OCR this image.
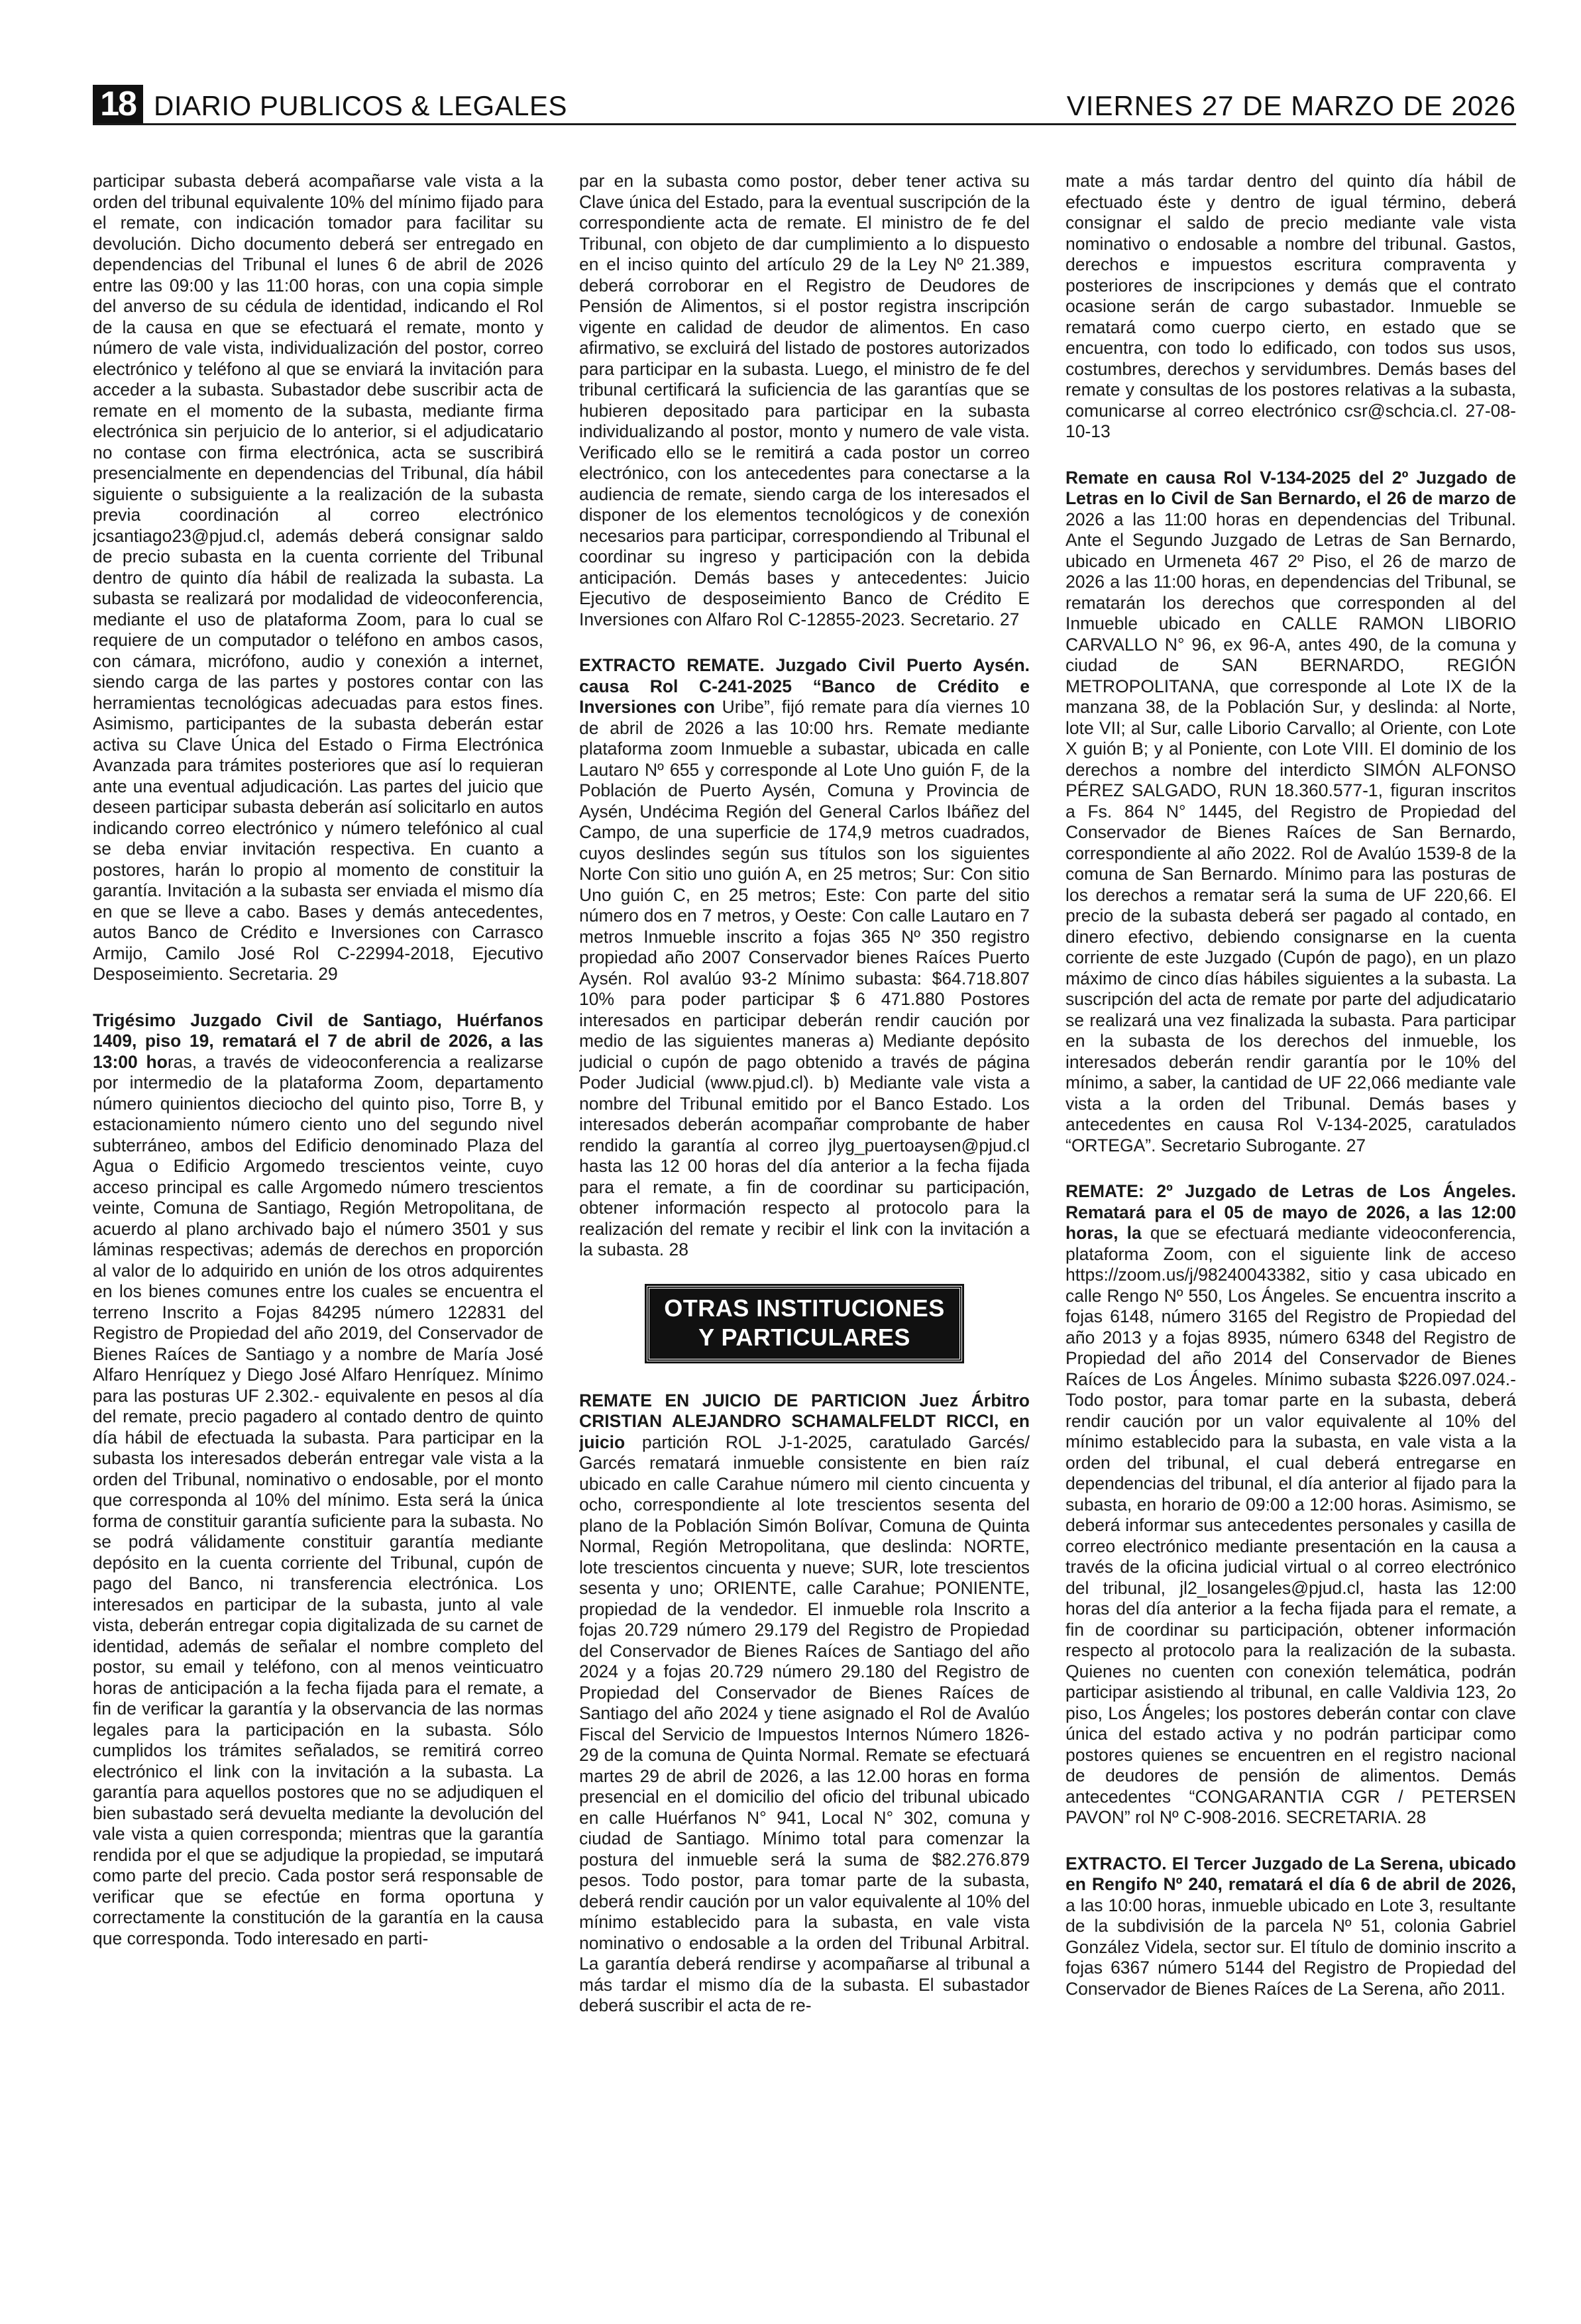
18 DIARIO PUBLICOS & LEGALES	VIERNES 27 DE MARZO DE 2026

participar subasta deberá acompañarse vale vista a la orden del tribunal equivalente 10% del mínimo fijado para el remate, con indicación tomador para facilitar su devolución. Dicho documento deberá ser entregado en dependencias del Tribunal el lunes 6 de abril de 2026 entre las 09:00 y las 11:00 horas, con una copia simple del anverso de su cédula de identidad, indicando el Rol de la causa en que se efectuará el remate, monto y número de vale vista, individualización del postor, correo electrónico y teléfono al que se enviará la invitación para acceder a la subasta. Subastador debe suscribir acta de remate en el momento de la subasta, mediante firma electrónica sin perjuicio de lo anterior, si el adjudicatario no contase con firma electrónica, acta se suscribirá presencialmente en dependencias del Tribunal, día hábil siguiente o subsiguiente a la realización de la subasta previa coordinación al correo electrónico jcsantiago23@pjud.cl, además deberá consignar saldo de precio subasta en la cuenta corriente del Tribunal dentro de quinto día hábil de realizada la subasta. La subasta se realizará por modalidad de videoconferencia, mediante el uso de plataforma Zoom, para lo cual se requiere de un computador o teléfono en ambos casos, con cámara, micrófono, audio y conexión a internet, siendo carga de las partes y postores contar con las herramientas tecnológicas adecuadas para estos fines. Asimismo, participantes de la subasta deberán estar activa su Clave Única del Estado o Firma Electrónica Avanzada para trámites posteriores que así lo requieran ante una eventual adjudicación. Las partes del juicio que deseen participar subasta deberán así solicitarlo en autos indicando correo electrónico y número telefónico al cual se deba enviar invitación respectiva. En cuanto a postores, harán lo propio al momento de constituir la garantía. Invitación a la subasta ser enviada el mismo día en que se lleve a cabo. Bases y demás antecedentes, autos Banco de Crédito e Inversiones con Carrasco Armijo, Camilo José Rol C-22994-2018, Ejecutivo Desposeimiento. Secretaria. 29

Trigésimo Juzgado Civil de Santiago, Huérfanos 1409, piso 19, rematará el 7 de abril de 2026, a las 13:00 horas, a través de videoconferencia a realizarse por intermedio de la plataforma Zoom, departamento número quinientos dieciocho del quinto piso, Torre B, y estacionamiento número ciento uno del segundo nivel subterráneo, ambos del Edificio denominado Plaza del Agua o Edificio Argomedo trescientos veinte, cuyo acceso principal es calle Argomedo número trescientos veinte, Comuna de Santiago, Región Metropolitana, de acuerdo al plano archivado bajo el número 3501 y sus láminas respectivas; además de derechos en proporción al valor de lo adquirido en unión de los otros adquirentes en los bienes comunes entre los cuales se encuentra el terreno Inscrito a Fojas 84295 número 122831 del Registro de Propiedad del año 2019, del Conservador de Bienes Raíces de Santiago y a nombre de María José Alfaro Henríquez y Diego José Alfaro Henríquez. Mínimo para las posturas UF 2.302.- equivalente en pesos al día del remate, precio pagadero al contado dentro de quinto día hábil de efectuada la subasta. Para participar en la subasta los interesados deberán entregar vale vista a la orden del Tribunal, nominativo o endosable, por el monto que corresponda al 10% del mínimo. Esta será la única forma de constituir garantía suficiente para la subasta. No se podrá válidamente constituir garantía mediante depósito en la cuenta corriente del Tribunal, cupón de pago del Banco, ni transferencia electrónica. Los interesados en participar de la subasta, junto al vale vista, deberán entregar copia digitalizada de su carnet de identidad, además de señalar el nombre completo del postor, su email y teléfono, con al menos veinticuatro horas de anticipación a la fecha fijada para el remate, a fin de verificar la garantía y la observancia de las normas legales para la participación en la subasta. Sólo cumplidos los trámites señalados, se remitirá correo electrónico el link con la invitación a la subasta. La garantía para aquellos postores que no se adjudiquen el bien subastado será devuelta mediante la devolución del vale vista a quien corresponda; mientras que la garantía rendida por el que se adjudique la propiedad, se imputará como parte del precio. Cada postor será responsable de verificar que se efectúe en forma oportuna y correctamente la constitución de la garantía en la causa que corresponda. Todo interesado en parti-

par en la subasta como postor, deber tener activa su Clave única del Estado, para la eventual suscripción de la correspondiente acta de remate. El ministro de fe del Tribunal, con objeto de dar cumplimiento a lo dispuesto en el inciso quinto del artículo 29 de la Ley Nº 21.389, deberá corroborar en el Registro de Deudores de Pensión de Alimentos, si el postor registra inscripción vigente en calidad de deudor de alimentos. En caso afirmativo, se excluirá del listado de postores autorizados para participar en la subasta. Luego, el ministro de fe del tribunal certificará la suficiencia de las garantías que se hubieren depositado para participar en la subasta individualizando al postor, monto y numero de vale vista. Verificado ello se le remitirá a cada postor un correo electrónico, con los antecedentes para conectarse a la audiencia de remate, siendo carga de los interesados el disponer de los elementos tecnológicos y de conexión necesarios para participar, correspondiendo al Tribunal el coordinar su ingreso y participación con la debida anticipación. Demás bases y antecedentes: Juicio Ejecutivo de desposeimiento Banco de Crédito E Inversiones con Alfaro Rol C-12855-2023. Secretario. 27

EXTRACTO REMATE. Juzgado Civil Puerto Aysén. causa Rol C-241-2025 “Banco de Crédito e Inversiones con Uribe”, fijó remate para día viernes 10 de abril de 2026 a las 10:00 hrs. Remate mediante plataforma zoom Inmueble a subastar, ubicada en calle Lautaro Nº 655 y corresponde al Lote Uno guión F, de la Población de Puerto Aysén, Comuna y Provincia de Aysén, Undécima Región del General Carlos Ibáñez del Campo, de una superficie de 174,9 metros cuadrados, cuyos deslindes según sus títulos son los siguientes Norte Con sitio uno guión A, en 25 metros; Sur: Con sitio Uno guión C, en 25 metros; Este: Con parte del sitio número dos en 7 metros, y Oeste: Con calle Lautaro en 7 metros Inmueble inscrito a fojas 365 Nº 350 registro propiedad año 2007 Conservador bienes Raíces Puerto Aysén. Rol avalúo 93-2 Mínimo subasta: $64.718.807 10% para poder participar $ 6 471.880 Postores interesados en participar deberán rendir caución por medio de las siguientes maneras a) Mediante depósito judicial o cupón de pago obtenido a través de página Poder Judicial (www.pjud.cl). b) Mediante vale vista a nombre del Tribunal emitido por el Banco Estado. Los interesados deberán acompañar comprobante de haber rendido la garantía al correo jlyg_puertoaysen@pjud.cl hasta las 12 00 horas del día anterior a la fecha fijada para el remate, a fin de coordinar su participación, obtener información respecto al protocolo para la realización del remate y recibir el link con la invitación a la subasta. 28

OTRAS INSTITUCIONES
Y PARTICULARES

REMATE EN JUICIO DE PARTICION Juez Árbitro CRISTIAN ALEJANDRO SCHAMALFELDT RICCI, en juicio partición ROL J-1-2025, caratulado Garcés/ Garcés rematará inmueble consistente en bien raíz ubicado en calle Carahue número mil ciento cincuenta y ocho, correspondiente al lote trescientos sesenta del plano de la Población Simón Bolívar, Comuna de Quinta Normal, Región Metropolitana, que deslinda: NORTE, lote trescientos cincuenta y nueve; SUR, lote trescientos sesenta y uno; ORIENTE, calle Carahue; PONIENTE, propiedad de la vendedor. El inmueble rola Inscrito a fojas 20.729 número 29.179 del Registro de Propiedad del Conservador de Bienes Raíces de Santiago del año 2024 y a fojas 20.729 número 29.180 del Registro de Propiedad del Conservador de Bienes Raíces de Santiago del año 2024 y tiene asignado el Rol de Avalúo Fiscal del Servicio de Impuestos Internos Número 1826-29 de la comuna de Quinta Normal. Remate se efectuará martes 29 de abril de 2026, a las 12.00 horas en forma presencial en el domicilio del oficio del tribunal ubicado en calle Huérfanos N° 941, Local N° 302, comuna y ciudad de Santiago. Mínimo total para comenzar la postura del inmueble será la suma de $82.276.879 pesos. Todo postor, para tomar parte de la subasta, deberá rendir caución por un valor equivalente al 10% del mínimo establecido para la subasta, en vale vista nominativo o endosable a la orden del Tribunal Arbitral. La garantía deberá rendirse y acompañarse al tribunal a más tardar el mismo día de la subasta. El subastador deberá suscribir el acta de re-

mate a más tardar dentro del quinto día hábil de efectuado éste y dentro de igual término, deberá consignar el saldo de precio mediante vale vista nominativo o endosable a nombre del tribunal. Gastos, derechos e impuestos escritura compraventa y posteriores de inscripciones y demás que el contrato ocasione serán de cargo subastador. Inmueble se rematará como cuerpo cierto, en estado que se encuentra, con todo lo edificado, con todos sus usos, costumbres, derechos y servidumbres. Demás bases del remate y consultas de los postores relativas a la subasta, comunicarse al correo electrónico csr@schcia.cl. 27-08-10-13

Remate en causa Rol V-134-2025 del 2º Juzgado de Letras en lo Civil de San Bernardo, el 26 de marzo de 2026 a las 11:00 horas en dependencias del Tribunal. Ante el Segundo Juzgado de Letras de San Bernardo, ubicado en Urmeneta 467 2º Piso, el 26 de marzo de 2026 a las 11:00 horas, en dependencias del Tribunal, se rematarán los derechos que corresponden al del Inmueble ubicado en CALLE RAMON LIBORIO CARVALLO N° 96, ex 96-A, antes 490, de la comuna y ciudad de SAN BERNARDO, REGIÓN METROPOLITANA, que corresponde al Lote IX de la manzana 38, de la Población Sur, y deslinda: al Norte, lote VII; al Sur, calle Liborio Carvallo; al Oriente, con Lote X guión B; y al Poniente, con Lote VIII. El dominio de los derechos a nombre del interdicto SIMÓN ALFONSO PÉREZ SALGADO, RUN 18.360.577-1, figuran inscritos a Fs. 864 N° 1445, del Registro de Propiedad del Conservador de Bienes Raíces de San Bernardo, correspondiente al año 2022. Rol de Avalúo 1539-8 de la comuna de San Bernardo. Mínimo para las posturas de los derechos a rematar será la suma de UF 220,66. El precio de la subasta deberá ser pagado al contado, en dinero efectivo, debiendo consignarse en la cuenta corriente de este Juzgado (Cupón de pago), en un plazo máximo de cinco días hábiles siguientes a la subasta. La suscripción del acta de remate por parte del adjudicatario se realizará una vez finalizada la subasta. Para participar en la subasta de los derechos del inmueble, los interesados deberán rendir garantía por le 10% del mínimo, a saber, la cantidad de UF 22,066 mediante vale vista a la orden del Tribunal. Demás bases y antecedentes en causa Rol V-134-2025, caratulados “ORTEGA”. Secretario Subrogante. 27

REMATE: 2º Juzgado de Letras de Los Ángeles. Rematará para el 05 de mayo de 2026, a las 12:00 horas, la que se efectuará mediante videoconferencia, plataforma Zoom, con el siguiente link de acceso https://zoom.us/j/98240043382, sitio y casa ubicado en calle Rengo Nº 550, Los Ángeles. Se encuentra inscrito a fojas 6148, número 3165 del Registro de Propiedad del año 2013 y a fojas 8935, número 6348 del Registro de Propiedad del año 2014 del Conservador de Bienes Raíces de Los Ángeles. Mínimo subasta $226.097.024.- Todo postor, para tomar parte en la subasta, deberá rendir caución por un valor equivalente al 10% del mínimo establecido para la subasta, en vale vista a la orden del tribunal, el cual deberá entregarse en dependencias del tribunal, el día anterior al fijado para la subasta, en horario de 09:00 a 12:00 horas. Asimismo, se deberá informar sus antecedentes personales y casilla de correo electrónico mediante presentación en la causa a través de la oficina judicial virtual o al correo electrónico del tribunal, jl2_losangeles@pjud.cl, hasta las 12:00 horas del día anterior a la fecha fijada para el remate, a fin de coordinar su participación, obtener información respecto al protocolo para la realización de la subasta. Quienes no cuenten con conexión telemática, podrán participar asistiendo al tribunal, en calle Valdivia 123, 2o piso, Los Ángeles; los postores deberán contar con clave única del estado activa y no podrán participar como postores quienes se encuentren en el registro nacional de deudores de pensión de alimentos. Demás antecedentes “CONGARANTIA CGR / PETERSEN PAVON” rol Nº C-908-2016. SECRETARIA. 28

EXTRACTO. El Tercer Juzgado de La Serena, ubicado en Rengifo Nº 240, rematará el día 6 de abril de 2026, a las 10:00 horas, inmueble ubicado en Lote 3, resultante de la subdivisión de la parcela Nº 51, colonia Gabriel González Videla, sector sur. El título de dominio inscrito a fojas 6367 número 5144 del Registro de Propiedad del Conservador de Bienes Raíces de La Serena, año 2011.
